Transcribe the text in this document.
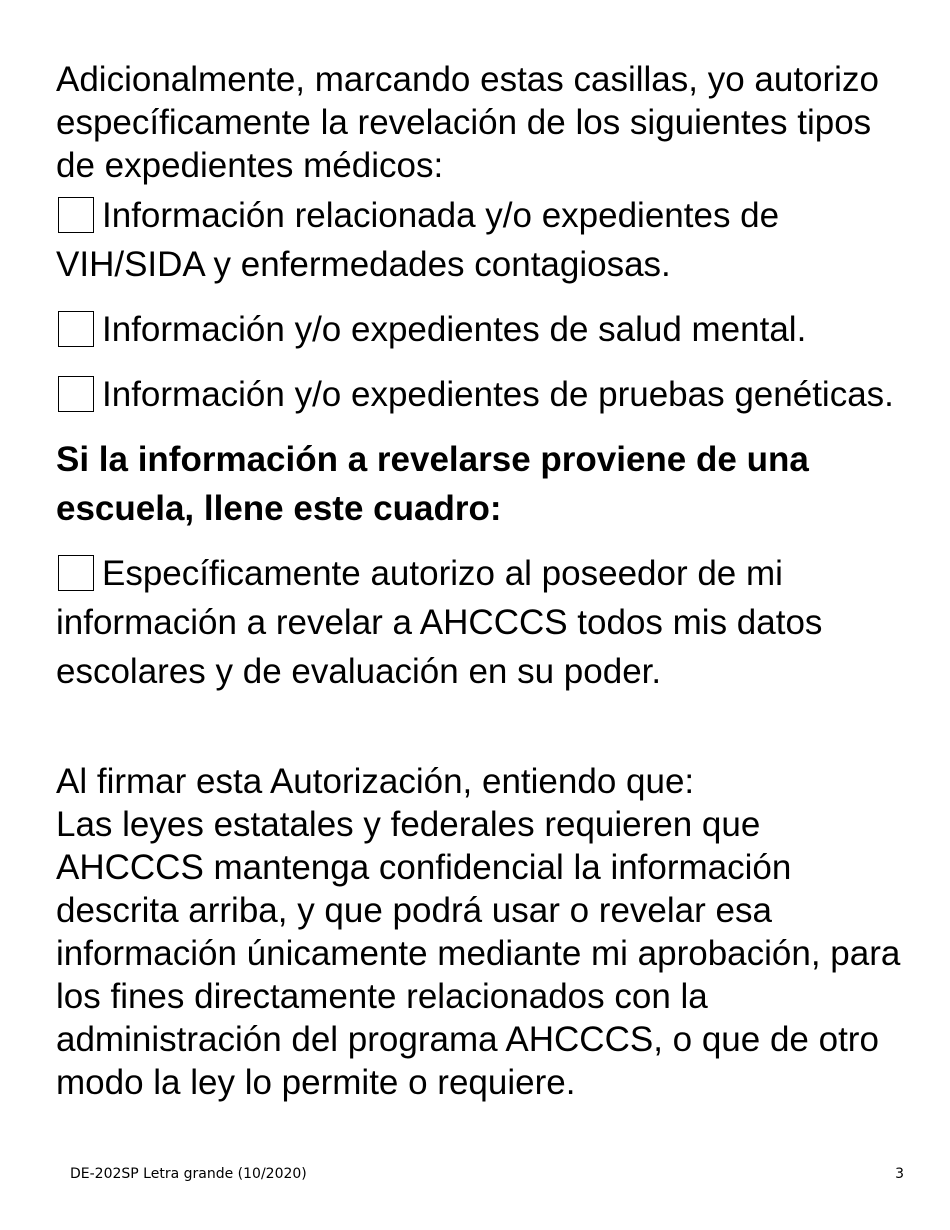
Adicionalmente, marcando estas casillas, yo autorizo específicamente la revelación de los siguientes tipos de expedientes médicos:

Información relacionada y/o expedientes de VIH/SIDA y enfermedades contagiosas.
Información y/o expedientes de salud mental.
Información y/o expedientes de pruebas genéticas.
Si la información a revelarse proviene de una escuela, llene este cuadro:
Específicamente autorizo al poseedor de mi información a revelar a AHCCCS todos mis datos escolares y de evaluación en su poder.

Al firmar esta Autorización, entiendo que:

Las leyes estatales y federales requieren que AHCCCS mantenga confidencial la información descrita arriba, y que podrá usar o revelar esa información únicamente mediante mi aprobación, para los fines directamente relacionados con la administración del programa AHCCCS, o que de otro modo la ley lo permite o requiere.

DE-202SP Letra grande (10/2020)	3
